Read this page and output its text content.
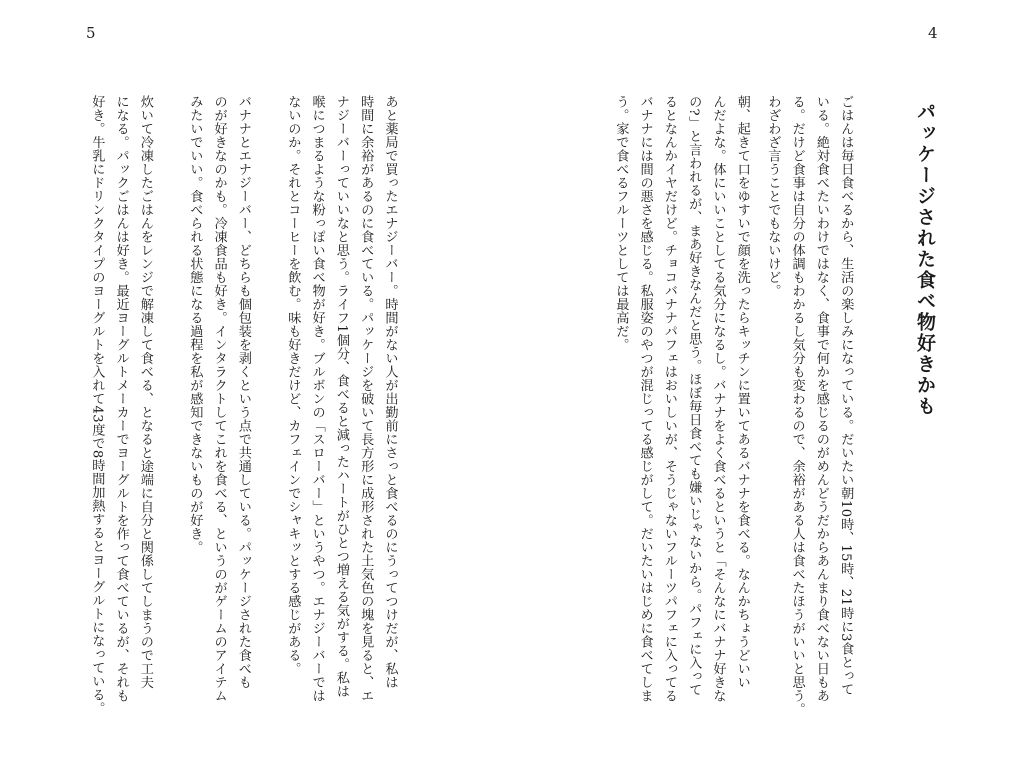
5	4
パッケージされた食べ物好きかも
ごはんは毎日食べるから、生活の楽しみになっている。だいたい朝10時、15時、21時に3食とって
いる。絶対食べたいわけではなく、食事で何かを感じるのがめんどうだからあんまり食べない日もあ
る。だけど食事は自分の体調もわかるし気分も変わるので、余裕がある人は食べたほうがいいと思う。
わざわざ言うことでもないけど。
朝、起きて口をゆすいで顔を洗ったらキッチンに置いてあるバナナを食べる。なんかちょうどいい
んだよな。体にいいことしてる気分になるし。バナナをよく食べるというと「そんなにバナナ好きな
の?」と言われるが、まあ好きなんだと思う。ほぼ毎日食べても嫌いじゃないから。パフェに入って
るとなんかイヤだけど。チョコバナナパフェはおいしいが、そうじゃないフルーツパフェに入ってる
バナナには間の悪さを感じる。私服姿のやつが混じってる感じがして。だいたいはじめに食べてしま
う。家で食べるフルーツとしては最高だ。
あと薬局で買ったエナジーバー。時間がない人が出勤前にさっと食べるのにうってつけだが、私は
時間に余裕があるのに食べている。パッケージを破いて長方形に成形された土気色の塊を見ると、エ
ナジーバーっていいなと思う。ライフ1個分、食べると減ったハートがひとつ増える気がする。私は
喉につまるような粉っぽい食べ物が好き。ブルボンの「スローバー」というやつ。エナジーバーでは
ないのか。それとコーヒーを飲む。味も好きだけど、カフェインでシャキッとする感じがある。
バナナとエナジーバー、どちらも個包装を剥くという点で共通している。パッケージされた食べも
のが好きなのかも。冷凍食品も好き。インタラクトしてこれを食べる、というのがゲームのアイテム
みたいでいい。食べられる状態になる過程を私が感知できないものが好き。
炊いて冷凍したごはんをレンジで解凍して食べる、となると途端に自分と関係してしまうので工夫
になる。パックごはんは好き。最近ヨーグルトメーカーでヨーグルトを作って食べているが、それも
好き。牛乳にドリンクタイプのヨーグルトを入れて43度で8時間加熱するとヨーグルトになっている。
